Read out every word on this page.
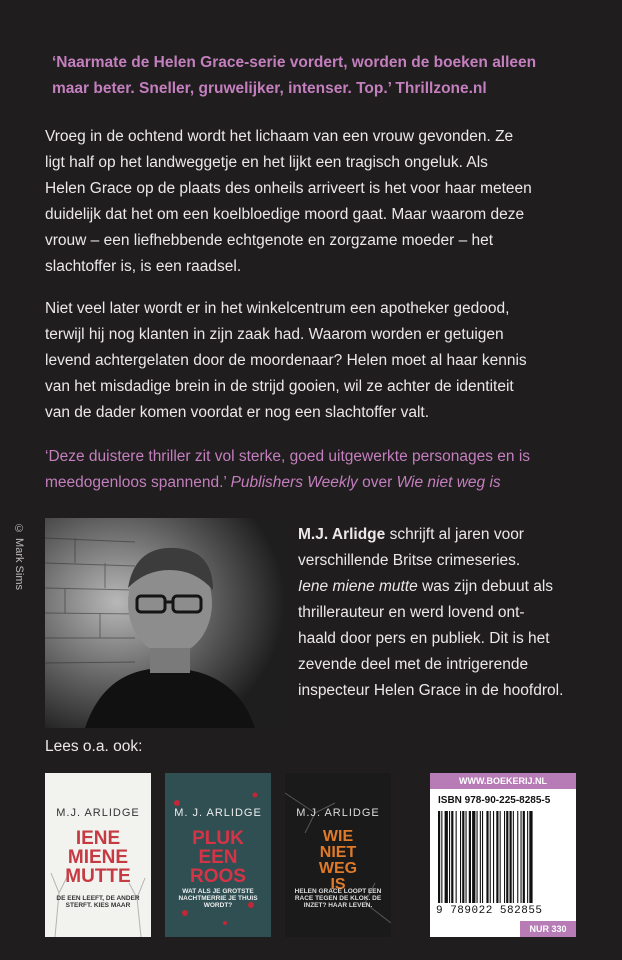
‘Naarmate de Helen Grace-serie vordert, worden de boeken alleen
maar beter. Sneller, gruwelijker, intenser. Top.’ Thrillzone.nl
Vroeg in de ochtend wordt het lichaam van een vrouw gevonden. Ze
ligt half op het landweggetje en het lijkt een tragisch ongeluk. Als
Helen Grace op de plaats des onheils arriveert is het voor haar meteen
duidelijk dat het om een koelbloedige moord gaat. Maar waarom deze
vrouw – een liefhebbende echtgenote en zorgzame moeder – het
slachtoffer is, is een raadsel.
Niet veel later wordt er in het winkelcentrum een apotheker gedood,
terwijl hij nog klanten in zijn zaak had. Waarom worden er getuigen
levend achtergelaten door de moordenaar? Helen moet al haar kennis
van het misdadige brein in de strijd gooien, wil ze achter de identiteit
van de dader komen voordat er nog een slachtoffer valt.
‘Deze duistere thriller zit vol sterke, goed uitgewerkte personages en is
meedogenloos spannend.’ Publishers Weekly over Wie niet weg is
© Mark Sims	M.J. Arlidge schrijft al jaren voor
verschillende Britse crimeseries.
Iene miene mutte was zijn debuut als
thrillerauteur en werd lovend ont-
haald door pers en publiek. Dit is het
zevende deel met de intrigerende
inspecteur Helen Grace in de hoofdrol.
Lees o.a. ook:
M.J. ARLIDGE
IENE
MIENE
MUTTE
DE EEN LEEFT, DE ANDER STERFT. KIES MAAR
M. J. ARLIDGE
PLUK
EEN
ROOS
WAT ALS JE GROTSTE NACHTMERRIE JE THUIS WORDT?
M.J. ARLIDGE
WIE
NIET
WEG
IS
HELEN GRACE LOOPT EEN RACE TEGEN DE KLOK. DE INZET? HAAR LEVEN.
WWW.BOEKERIJ.NL
ISBN 978-90-225-8285-5
9 789022 582855
NUR 330
